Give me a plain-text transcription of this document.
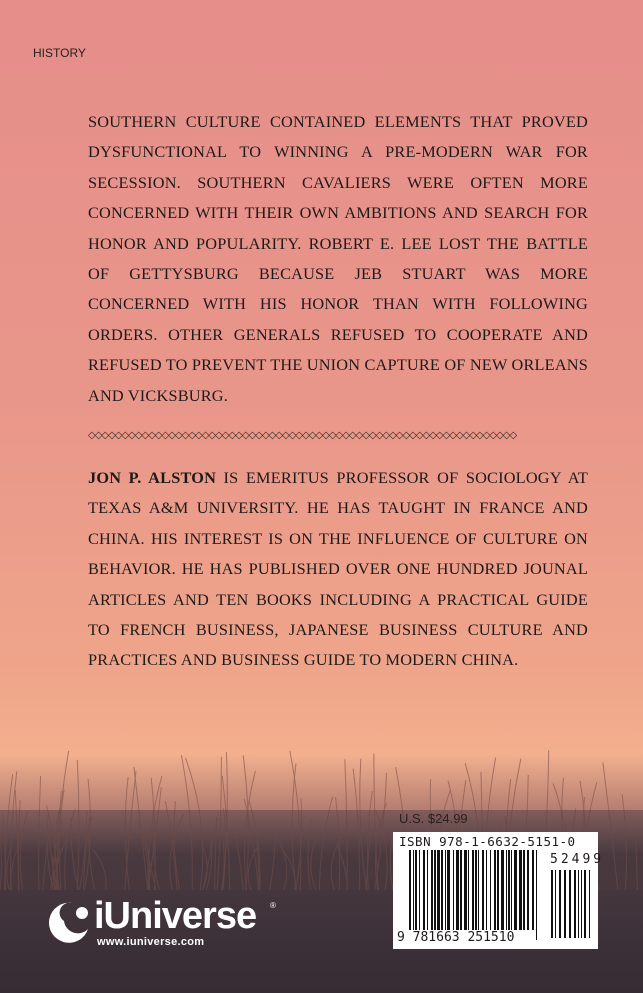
HISTORY
SOUTHERN CULTURE CONTAINED ELEMENTS THAT PROVED DYSFUNCTIONAL TO WINNING A PRE-MODERN WAR FOR SECESSION. SOUTHERN CAVALIERS WERE OFTEN MORE CONCERNED WITH THEIR OWN AMBITIONS AND SEARCH FOR HONOR AND POPULARITY. ROBERT E. LEE LOST THE BATTLE OF GETTYSBURG BECAUSE JEB STUART WAS MORE CONCERNED WITH HIS HONOR THAN WITH FOLLOWING ORDERS. OTHER GENERALS REFUSED TO COOPERATE AND REFUSED TO PREVENT THE UNION CAPTURE OF NEW ORLEANS AND VICKSBURG.
◇◇◇◇◇◇◇◇◇◇◇◇◇◇◇◇◇◇◇◇◇◇◇◇◇◇◇◇◇◇◇◇◇◇◇◇◇◇◇◇◇◇◇◇◇◇◇◇◇◇◇◇◇◇◇◇◇◇◇◇◇◇◇◇
JON P. ALSTON IS EMERITUS PROFESSOR OF SOCIOLOGY AT TEXAS A&M UNIVERSITY. HE HAS TAUGHT IN FRANCE AND CHINA. HIS INTEREST IS ON THE INFLUENCE OF CULTURE ON BEHAVIOR. HE HAS PUBLISHED OVER ONE HUNDRED JOUNAL ARTICLES AND TEN BOOKS INCLUDING A PRACTICAL GUIDE TO FRENCH BUSINESS, JAPANESE BUSINESS CULTURE AND PRACTICES AND BUSINESS GUIDE TO MODERN CHINA.
U.S. $24.99
ISBN 978-1-6632-5151-0
52499
9 781663 251510
iUniverse ®
www.iuniverse.com
